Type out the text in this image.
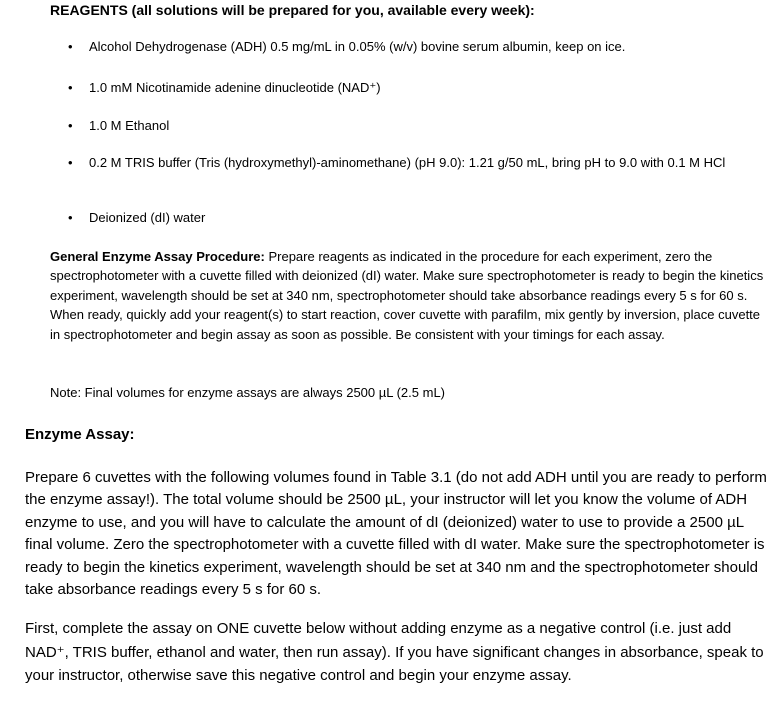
REAGENTS (all solutions will be prepared for you, available every week):
• Alcohol Dehydrogenase (ADH) 0.5 mg/mL in 0.05% (w/v) bovine serum albumin, keep on ice.
• 1.0 mM Nicotinamide adenine dinucleotide (NAD⁺)
• 1.0 M Ethanol
• 0.2 M TRIS buffer (Tris (hydroxymethyl)-aminomethane) (pH 9.0): 1.21 g/50 mL, bring pH to 9.0 with 0.1 M HCl
• Deionized (dI) water

General Enzyme Assay Procedure: Prepare reagents as indicated in the procedure for each experiment, zero the spectrophotometer with a cuvette filled with deionized (dI) water. Make sure spectrophotometer is ready to begin the kinetics experiment, wavelength should be set at 340 nm, spectrophotometer should take absorbance readings every 5 s for 60 s. When ready, quickly add your reagent(s) to start reaction, cover cuvette with parafilm, mix gently by inversion, place cuvette in spectrophotometer and begin assay as soon as possible. Be consistent with your timings for each assay.

Note: Final volumes for enzyme assays are always 2500 µL (2.5 mL)

Enzyme Assay:

Prepare 6 cuvettes with the following volumes found in Table 3.1 (do not add ADH until you are ready to perform the enzyme assay!). The total volume should be 2500 µL, your instructor will let you know the volume of ADH enzyme to use, and you will have to calculate the amount of dI (deionized) water to use to provide a 2500 µL final volume. Zero the spectrophotometer with a cuvette filled with dI water. Make sure the spectrophotometer is ready to begin the kinetics experiment, wavelength should be set at 340 nm and the spectrophotometer should take absorbance readings every 5 s for 60 s.

First, complete the assay on ONE cuvette below without adding enzyme as a negative control (i.e. just add NAD⁺, TRIS buffer, ethanol and water, then run assay). If you have significant changes in absorbance, speak to your instructor, otherwise save this negative control and begin your enzyme assay.
